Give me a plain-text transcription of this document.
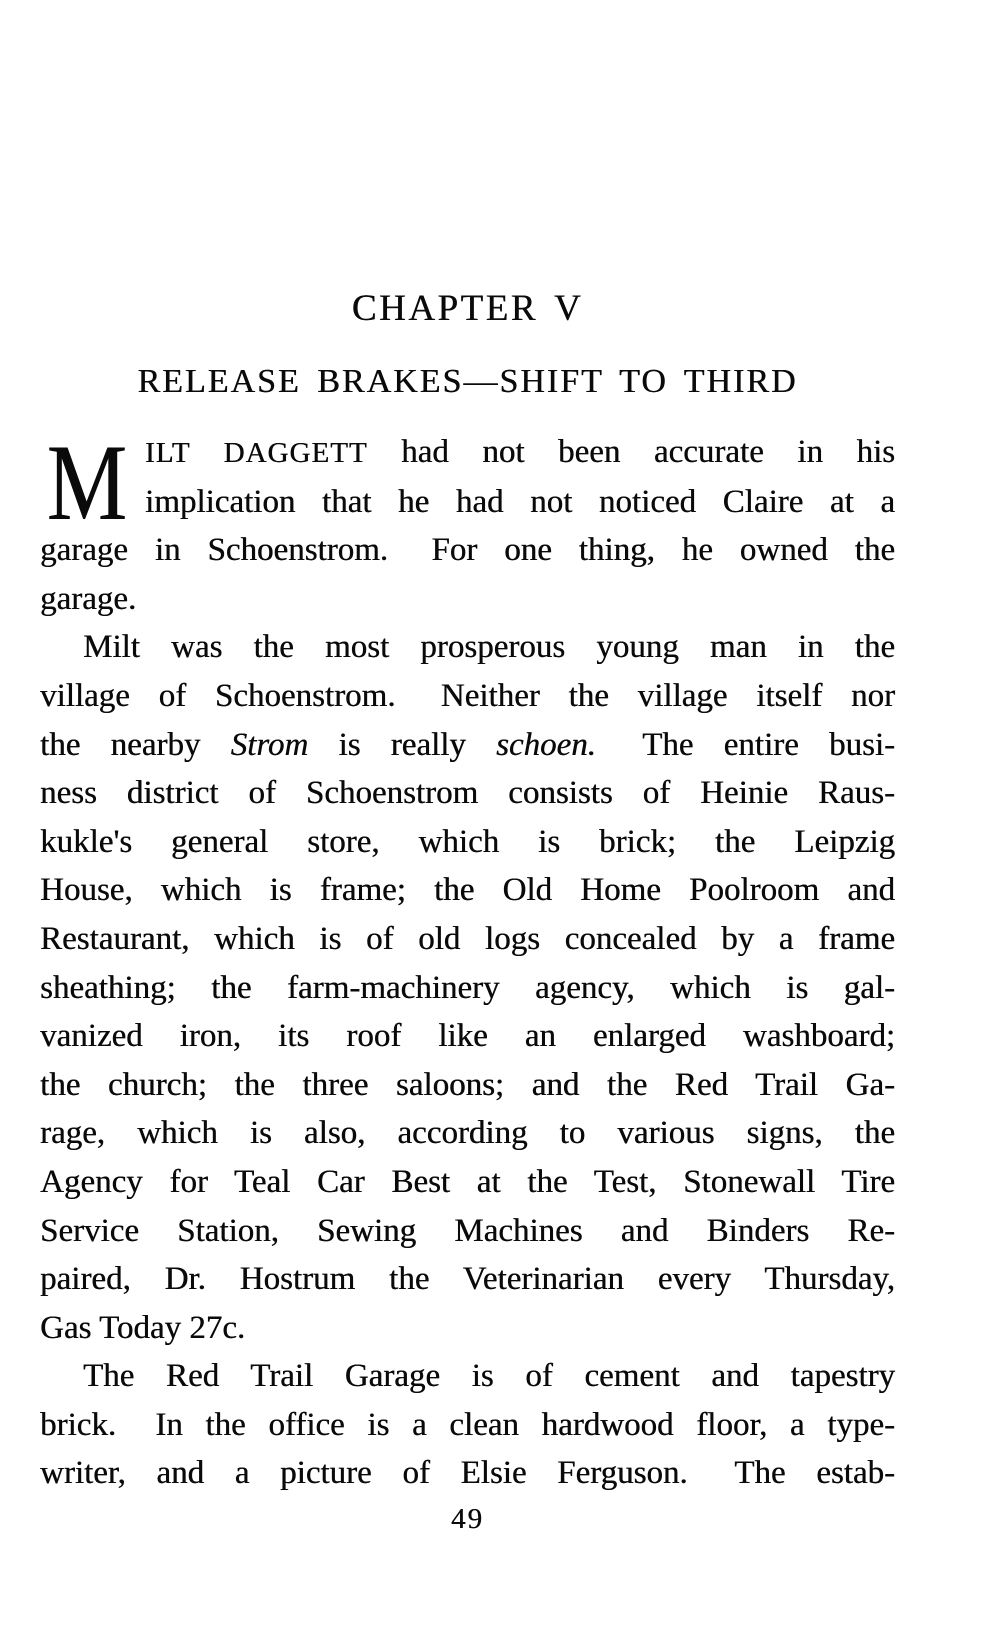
CHAPTER V
RELEASE BRAKES—SHIFT TO THIRD
M ILT DAGGETT had not been accurate in his
implication that he had not noticed Claire at a
garage in Schoenstrom.  For one thing, he owned the
garage.
Milt was the most prosperous young man in the
village of Schoenstrom.  Neither the village itself nor
the nearby Strom is really schoen.  The entire busi-
ness district of Schoenstrom consists of Heinie Raus-
kukle's general store, which is brick; the Leipzig
House, which is frame; the Old Home Poolroom and
Restaurant, which is of old logs concealed by a frame
sheathing; the farm-machinery agency, which is gal-
vanized iron, its roof like an enlarged washboard;
the church; the three saloons; and the Red Trail Ga-
rage, which is also, according to various signs, the
Agency for Teal Car Best at the Test, Stonewall Tire
Service Station, Sewing Machines and Binders Re-
paired, Dr. Hostrum the Veterinarian every Thursday,
Gas Today 27c.
The Red Trail Garage is of cement and tapestry
brick.  In the office is a clean hardwood floor, a type-
writer, and a picture of Elsie Ferguson.  The estab-
49
